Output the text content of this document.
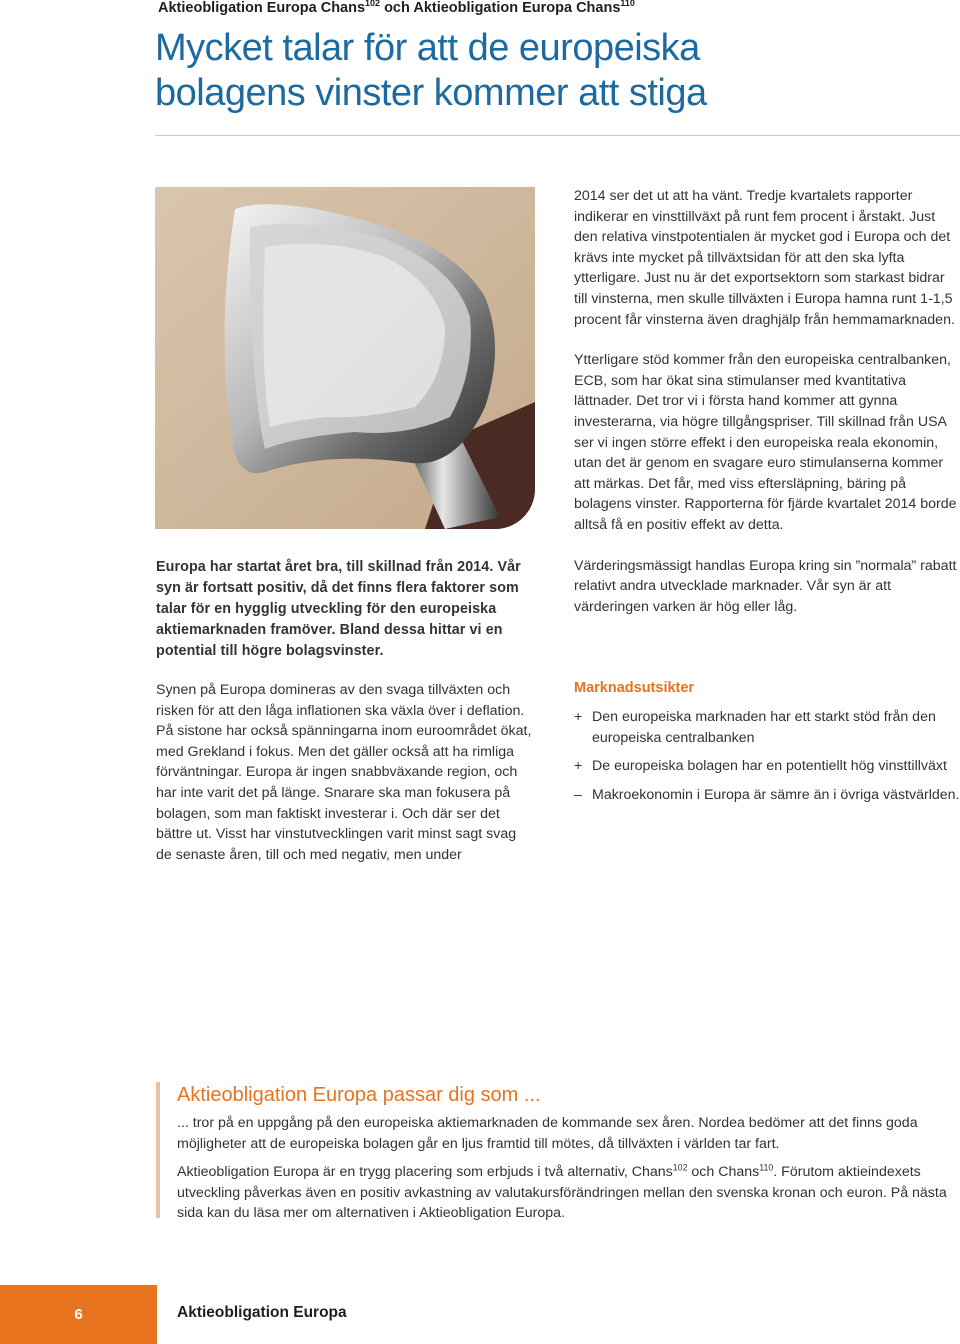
Aktieobligation Europa Chans$^{102}$ och Aktieobligation Europa Chans$^{110}$
Mycket talar för att de europeiska
bolagens vinster kommer att stiga
Europa har startat året bra, till skillnad från 2014. Vår syn är fortsatt positiv, då det finns flera faktorer som talar för en hygglig utveckling för den europeiska aktiemarknaden framöver. Bland dessa hittar vi en potential till högre bolagsvinster.
Synen på Europa domineras av den svaga tillväxten och risken för att den låga inflationen ska växla över i deflation. På sistone har också spänningarna inom euroområdet ökat, med Grekland i fokus. Men det gäller också att ha rimliga förväntningar. Europa är ingen snabbväxande region, och har inte varit det på länge. Snarare ska man fokusera på bolagen, som man faktiskt investerar i. Och där ser det bättre ut. Visst har vinstutvecklingen varit minst sagt svag de senaste åren, till och med negativ, men under

2014 ser det ut att ha vänt. Tredje kvartalets rapporter indikerar en vinsttillväxt på runt fem procent i årstakt. Just den relativa vinstpotentialen är mycket god i Europa och det krävs inte mycket på tillväxtsidan för att den ska lyfta ytterligare. Just nu är det exportsektorn som starkast bidrar till vinsterna, men skulle tillväxten i Europa hamna runt 1-1,5 procent får vinsterna även draghjälp från hemmamarknaden.

Ytterligare stöd kommer från den europeiska centralbanken, ECB, som har ökat sina stimulanser med kvantitativa lättnader. Det tror vi i första hand kommer att gynna investerarna, via högre tillgångspriser. Till skillnad från USA ser vi ingen större effekt i den europeiska reala ekonomin, utan det är genom en svagare euro stimulanserna kommer att märkas. Det får, med viss eftersläpning, bäring på bolagens vinster. Rapporterna för fjärde kvartalet 2014 borde alltså få en positiv effekt av detta.

Värderingsmässigt handlas Europa kring sin ”normala” rabatt relativt andra utvecklade marknader. Vår syn är att värderingen varken är hög eller låg.

Marknadsutsikter
+ Den europeiska marknaden har ett starkt stöd från den europeiska centralbanken
+ De europeiska bolagen har en potentiellt hög vinsttillväxt
– Makroekonomin i Europa är sämre än i övriga västvärlden.
Aktieobligation Europa passar dig som ...

... tror på en uppgång på den europeiska aktiemarknaden de kommande sex åren. Nordea bedömer att det finns goda möjligheter att de europeiska bolagen går en ljus framtid till mötes, då tillväxten i världen tar fart.

Aktieobligation Europa är en trygg placering som erbjuds i två alternativ, Chans$^{102}$ och Chans$^{110}$. Förutom aktieindexets utveckling påverkas även en positiv avkastning av valutakursförändringen mellan den svenska kronan och euron. På nästa sida kan du läsa mer om alternativen i Aktieobligation Europa.

6	Aktieobligation Europa
